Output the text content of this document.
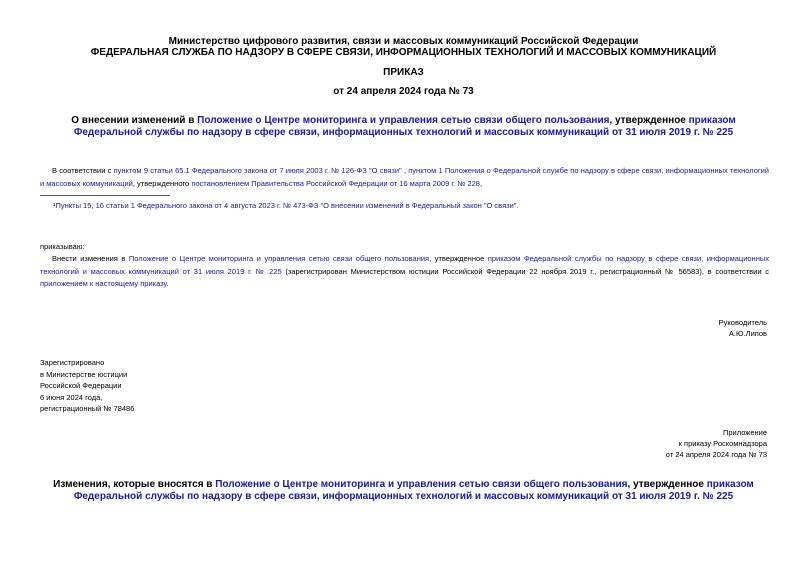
Министерство цифрового развития, связи и массовых коммуникаций Российской Федерации
ФЕДЕРАЛЬНАЯ СЛУЖБА ПО НАДЗОРУ В СФЕРЕ СВЯЗИ, ИНФОРМАЦИОННЫХ ТЕХНОЛОГИЙ И МАССОВЫХ КОММУНИКАЦИЙ
ПРИКАЗ
от 24 апреля 2024 года № 73
О внесении изменений в Положение о Центре мониторинга и управления сетью связи общего пользования, утвержденное приказом Федеральной службы по надзору в сфере связи, информационных технологий и массовых коммуникаций от 31 июля 2019 г. № 225
В соответствии с пунктом 9 статьи 65.1 Федерального закона от 7 июля 2003 г. № 126-ФЗ "О связи" , пунктом 1 Положения о Федеральной службе по надзору в сфере связи, информационных технологий и массовых коммуникаций, утвержденного постановлением Правительства Российской Федерации от 16 марта 2009 г. № 228,
¹Пункты 15, 16 статьи 1 Федерального закона от 4 августа 2023 г. № 473-ФЗ "О внесении изменений в Федеральный закон "О связи".
приказываю:
Внести изменения в Положение о Центре мониторинга и управления сетью связи общего пользования, утвержденное приказом Федеральной службы по надзору в сфере связи, информационных технологий и массовых коммуникаций от 31 июля 2019 г. № 225 (зарегистрирован Министерством юстиции Российской Федерации 22 ноября 2019 г., регистрационный № 56583), в соответствии с приложением к настоящему приказу.
Руководитель
А.Ю.Липов
Зарегистрировано
в Министерстве юстиции
Российской Федерации
6 июня 2024 года,
регистрационный № 78486
Приложение
к приказу Роскомнадзора
от 24 апреля 2024 года № 73
Изменения, которые вносятся в Положение о Центре мониторинга и управления сетью связи общего пользования, утвержденное приказом Федеральной службы по надзору в сфере связи, информационных технологий и массовых коммуникаций от 31 июля 2019 г. № 225
